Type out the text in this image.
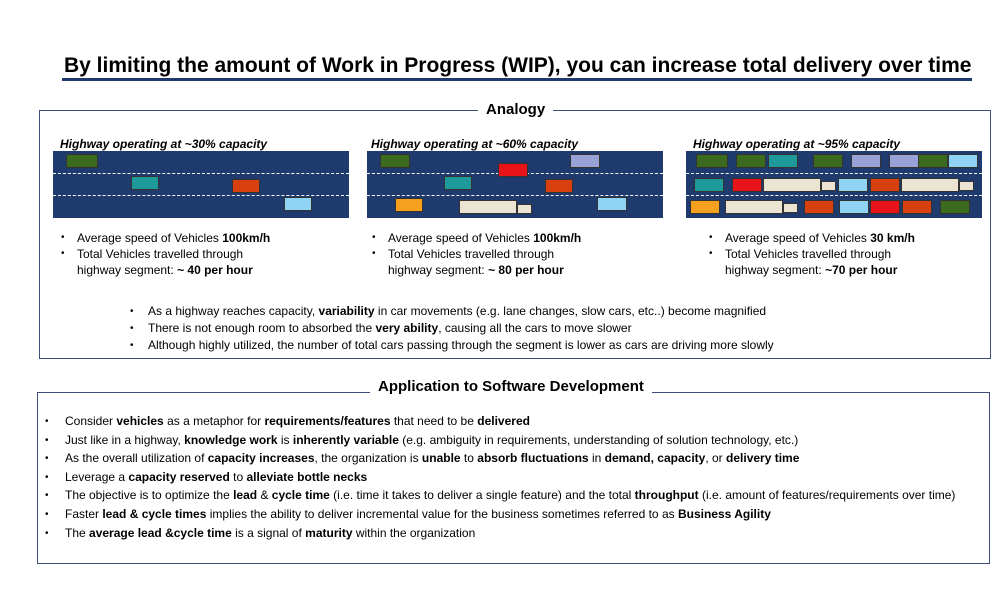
By limiting the amount of Work in Progress (WIP), you can increase total delivery over time
Analogy
Highway operating at ~30% capacity
• Average speed of Vehicles 100km/h
• Total Vehicles travelled through
highway segment: ~ 40 per hour
Highway operating at ~60% capacity
• Average speed of Vehicles 100km/h
• Total Vehicles travelled through
highway segment: ~ 80 per hour
Highway operating at ~95% capacity
• Average speed of Vehicles 30 km/h
• Total Vehicles travelled through
highway segment: ~70 per hour
• As a highway reaches capacity, variability in car movements (e.g. lane changes, slow cars, etc..) become magnified
• There is not enough room to absorbed the very ability, causing all the cars to move slower
• Although highly utilized, the number of total cars passing through the segment is lower as cars are driving more slowly
Application to Software Development
• Consider vehicles as a metaphor for requirements/features that need to be delivered
• Just like in a highway, knowledge work is inherently variable (e.g. ambiguity in requirements, understanding of solution technology, etc.)
• As the overall utilization of capacity increases, the organization is unable to absorb fluctuations in demand, capacity, or delivery time
• Leverage a capacity reserved to alleviate bottle necks
• The objective is to optimize the lead & cycle time (i.e. time it takes to deliver a single feature) and the total throughput (i.e. amount of features/requirements over time)
• Faster lead & cycle times implies the ability to deliver incremental value for the business sometimes referred to as Business Agility
• The average lead &cycle time is a signal of maturity within the organization
